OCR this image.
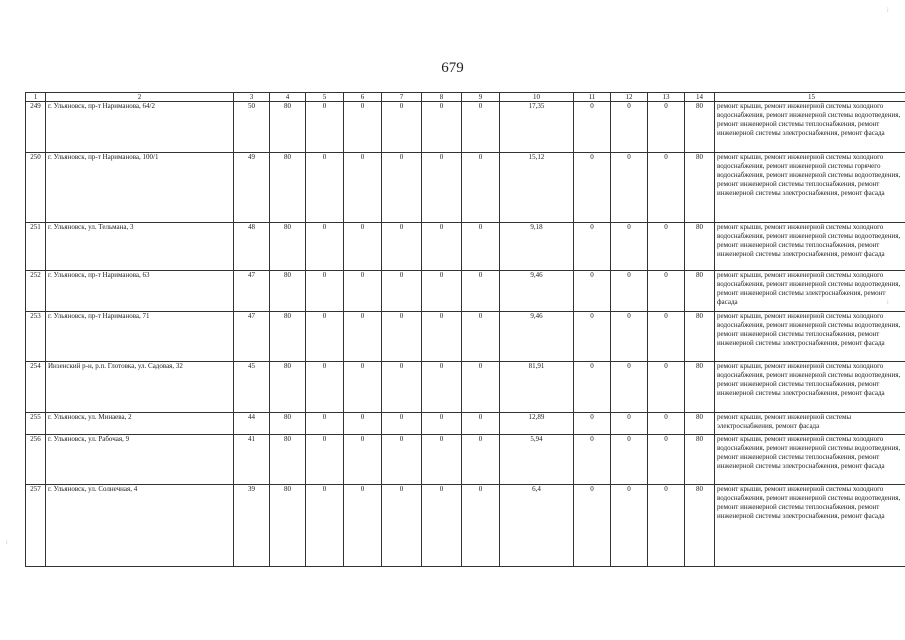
679
1	2	3	4	5	6	7	8	9	10	11	12	13	14	15
249	г. Ульяновск, пр-т Нариманова, 64/2	50	80	0	0	0	0	0	17,35	0	0	0	80	ремонт крыши, ремонт инженерной системы холодного водоснабжения, ремонт инженерной системы водоотведения, ремонт инженерной системы теплоснабжения, ремонт инженерной системы электроснабжения, ремонт фасада
250	г. Ульяновск, пр-т Нариманова, 100/1	49	80	0	0	0	0	0	15,12	0	0	0	80	ремонт крыши, ремонт инженерной системы холодного водоснабжения, ремонт инженерной системы горячего водоснабжения, ремонт инженерной системы водоотведения, ремонт инженерной системы теплоснабжения, ремонт инженерной системы электроснабжения, ремонт фасада
251	г. Ульяновск, ул. Тельмана, 3	48	80	0	0	0	0	0	9,18	0	0	0	80	ремонт крыши, ремонт инженерной системы холодного водоснабжения, ремонт инженерной системы водоотведения, ремонт инженерной системы теплоснабжения, ремонт инженерной системы электроснабжения, ремонт фасада
252	г. Ульяновск, пр-т Нариманова, 63	47	80	0	0	0	0	0	9,46	0	0	0	80	ремонт крыши, ремонт инженерной системы холодного водоснабжения, ремонт инженерной системы водоотведения, ремонт инженерной системы электроснабжения, ремонт фасада
253	г. Ульяновск, пр-т Нариманова, 71	47	80	0	0	0	0	0	9,46	0	0	0	80	ремонт крыши, ремонт инженерной системы холодного водоснабжения, ремонт инженерной системы водоотведения, ремонт инженерной системы теплоснабжения, ремонт инженерной системы электроснабжения, ремонт фасада
254	Инзенский р-н, р.п. Глотовка, ул. Садовая, 32	45	80	0	0	0	0	0	81,91	0	0	0	80	ремонт крыши, ремонт инженерной системы холодного водоснабжения, ремонт инженерной системы водоотведения, ремонт инженерной системы теплоснабжения, ремонт инженерной системы электроснабжения, ремонт фасада
255	г. Ульяновск, ул. Минаева, 2	44	80	0	0	0	0	0	12,89	0	0	0	80	ремонт крыши, ремонт инженерной системы электроснабжения, ремонт фасада
256	г. Ульяновск, ул. Рабочая, 9	41	80	0	0	0	0	0	5,94	0	0	0	80	ремонт крыши, ремонт инженерной системы холодного водоснабжения, ремонт инженерной системы водоотведения, ремонт инженерной системы теплоснабжения, ремонт инженерной системы электроснабжения, ремонт фасада
257	г. Ульяновск, ул. Солнечная, 4	39	80	0	0	0	0	0	6,4	0	0	0	80	ремонт крыши, ремонт инженерной системы холодного водоснабжения, ремонт инженерной системы водоотведения, ремонт инженерной системы теплоснабжения, ремонт инженерной системы электроснабжения, ремонт фасада
⁞
⁞
⁞
